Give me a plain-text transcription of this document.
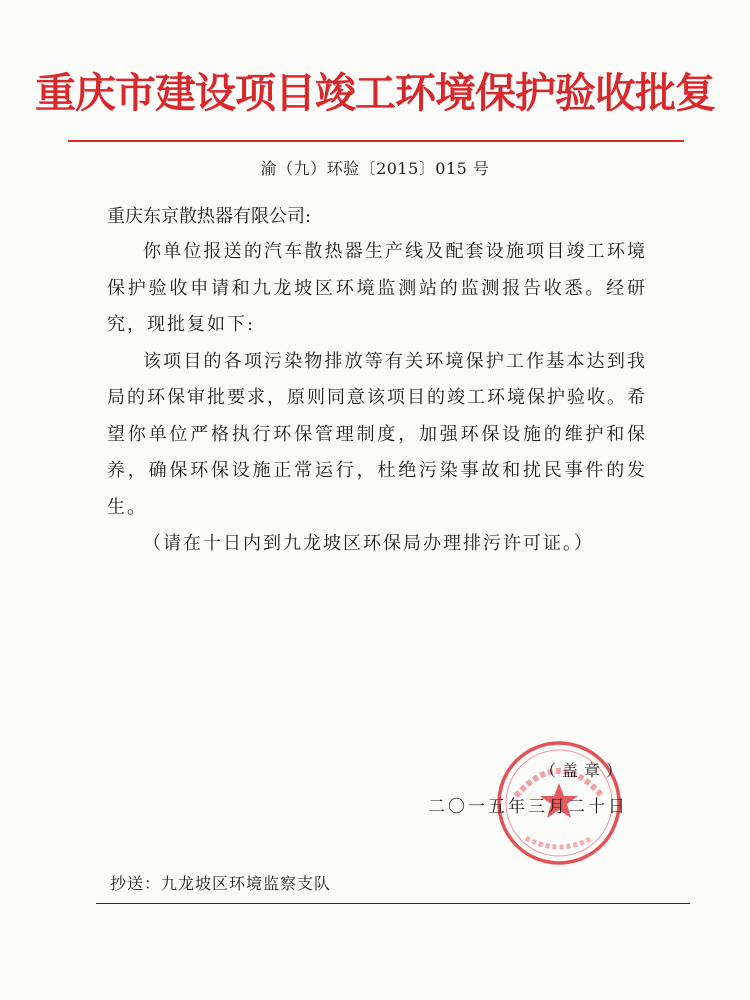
重庆市建设项目竣工环境保护验收批复
渝（九）环验〔2015〕015 号
重庆东京散热器有限公司:

你单位报送的汽车散热器生产线及配套设施项目竣工环境保护验收申请和九龙坡区环境监测站的监测报告收悉。经研究，现批复如下:

该项目的各项污染物排放等有关环境保护工作基本达到我局的环保审批要求，原则同意该项目的竣工环境保护验收。希望你单位严格执行环保管理制度，加强环保设施的维护和保养，确保环保设施正常运行，杜绝污染事故和扰民事件的发生。

（请在十日内到九龙坡区环保局办理排污许可证。）

（盖章）
二〇一五年三月二十日
抄送：九龙坡区环境监察支队
